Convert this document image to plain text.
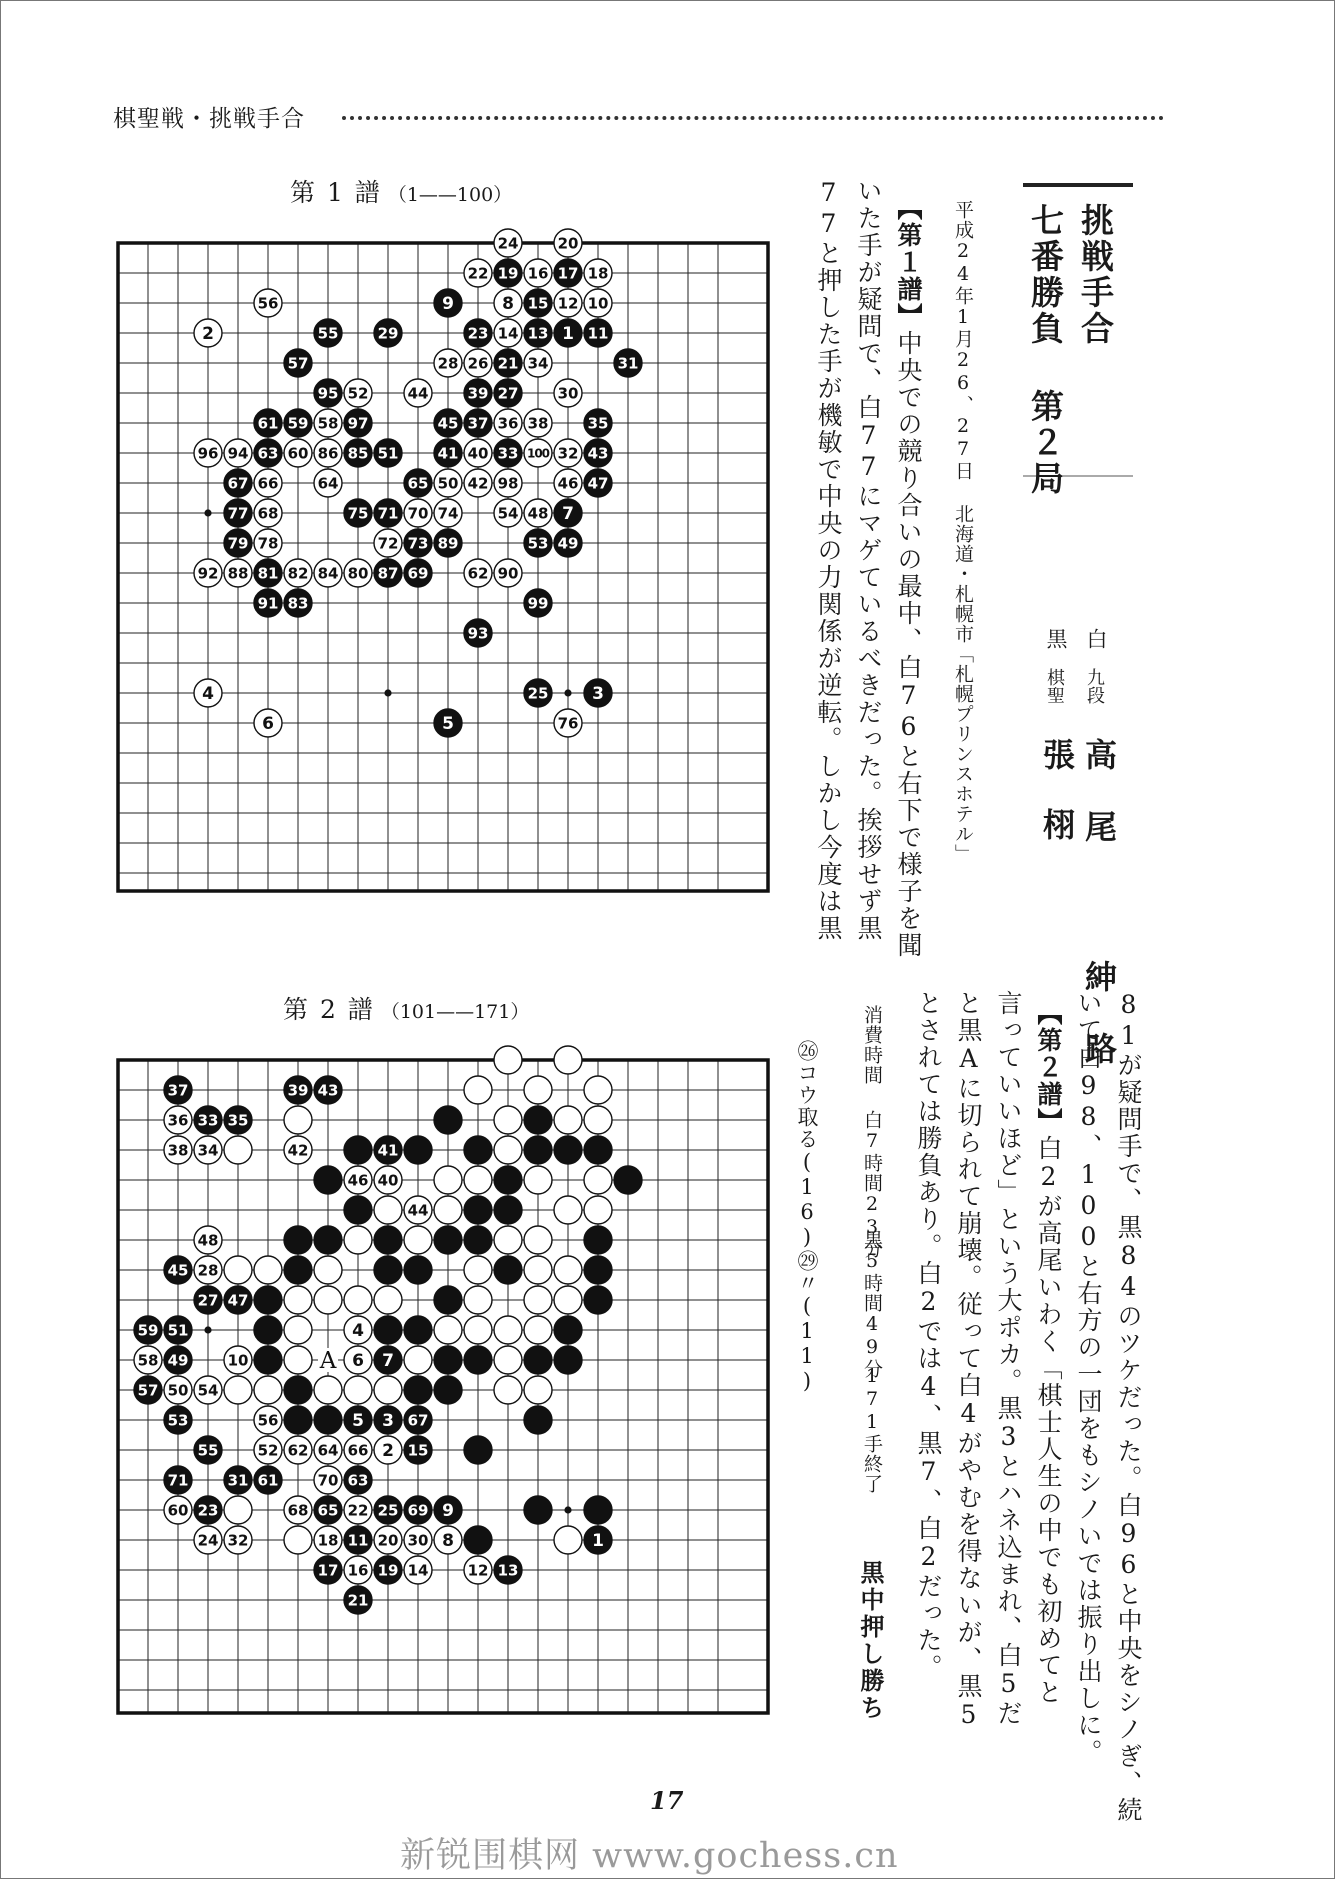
棋聖戦・挑戦手合
第 1 譜 （1——100）
第 2 譜 （101——171）
24	20
22 19 16 17 18
56	9	8 15 12 10
2	55	29	23 14 13 1 11
57	28 26 21 34	31
95 52	44	39 27	30
61 59 58 97	45 37 36 38	35
96 94 63 60 86 85 51	41 40 33 100 32 43
67 66	64	65 50 42 98	46 47
77 68	75 71 70 74	54 48 7
79 78	72 73 89	53 49
92 88 81 82 84 80 87 69	62 90
91 83	99
93
4	25	3
6	5	76
37	39 43
36 33 35
38 34	42	41
46 40
44
48
45 28
27 47
59 51	4
58 49	10	A 6 7
57 50 54
53	56	5 3 67
55	52 62 64 66 2 15
71	31 61	70 63
60 23	68 65 22 25 69 9
24 32	18 11 20 30 8	1
17 16 19 14	12 13
21
挑戦手合
七番勝負 第２局
白
九段
高尾 紳路
黒
棋聖
張 栩
平成24年1月26、27日 北海道・札幌市「札幌プリンスホテル」
【第１譜】中央での競り合いの最中、白76と右下で様子を聞
いた手が疑問で、白77にマゲているべきだった。挨拶せず黒
77と押した手が機敏で中央の力関係が逆転。しかし今度は黒
81が疑問手で、黒84のツケだった。白96と中央をシノぎ、続
いて白98、100と右方の一団をもシノいでは振り出しに。
【第２譜】白2が高尾いわく「棋士人生の中でも初めてと
言っていいほど」という大ポカ。黒3とハネ込まれ、白5だ
と黒Aに切られて崩壊。従って白4がやむを得ないが、黒5
とされては勝負あり。白2では4、黒7、白2だった。
消費時間
白7時間23分
黒5時間49分
171手終了
黒中押し勝ち
㉖コウ取る(16)㉙〃(11)
17
新锐围棋网 www.gochess.cn
